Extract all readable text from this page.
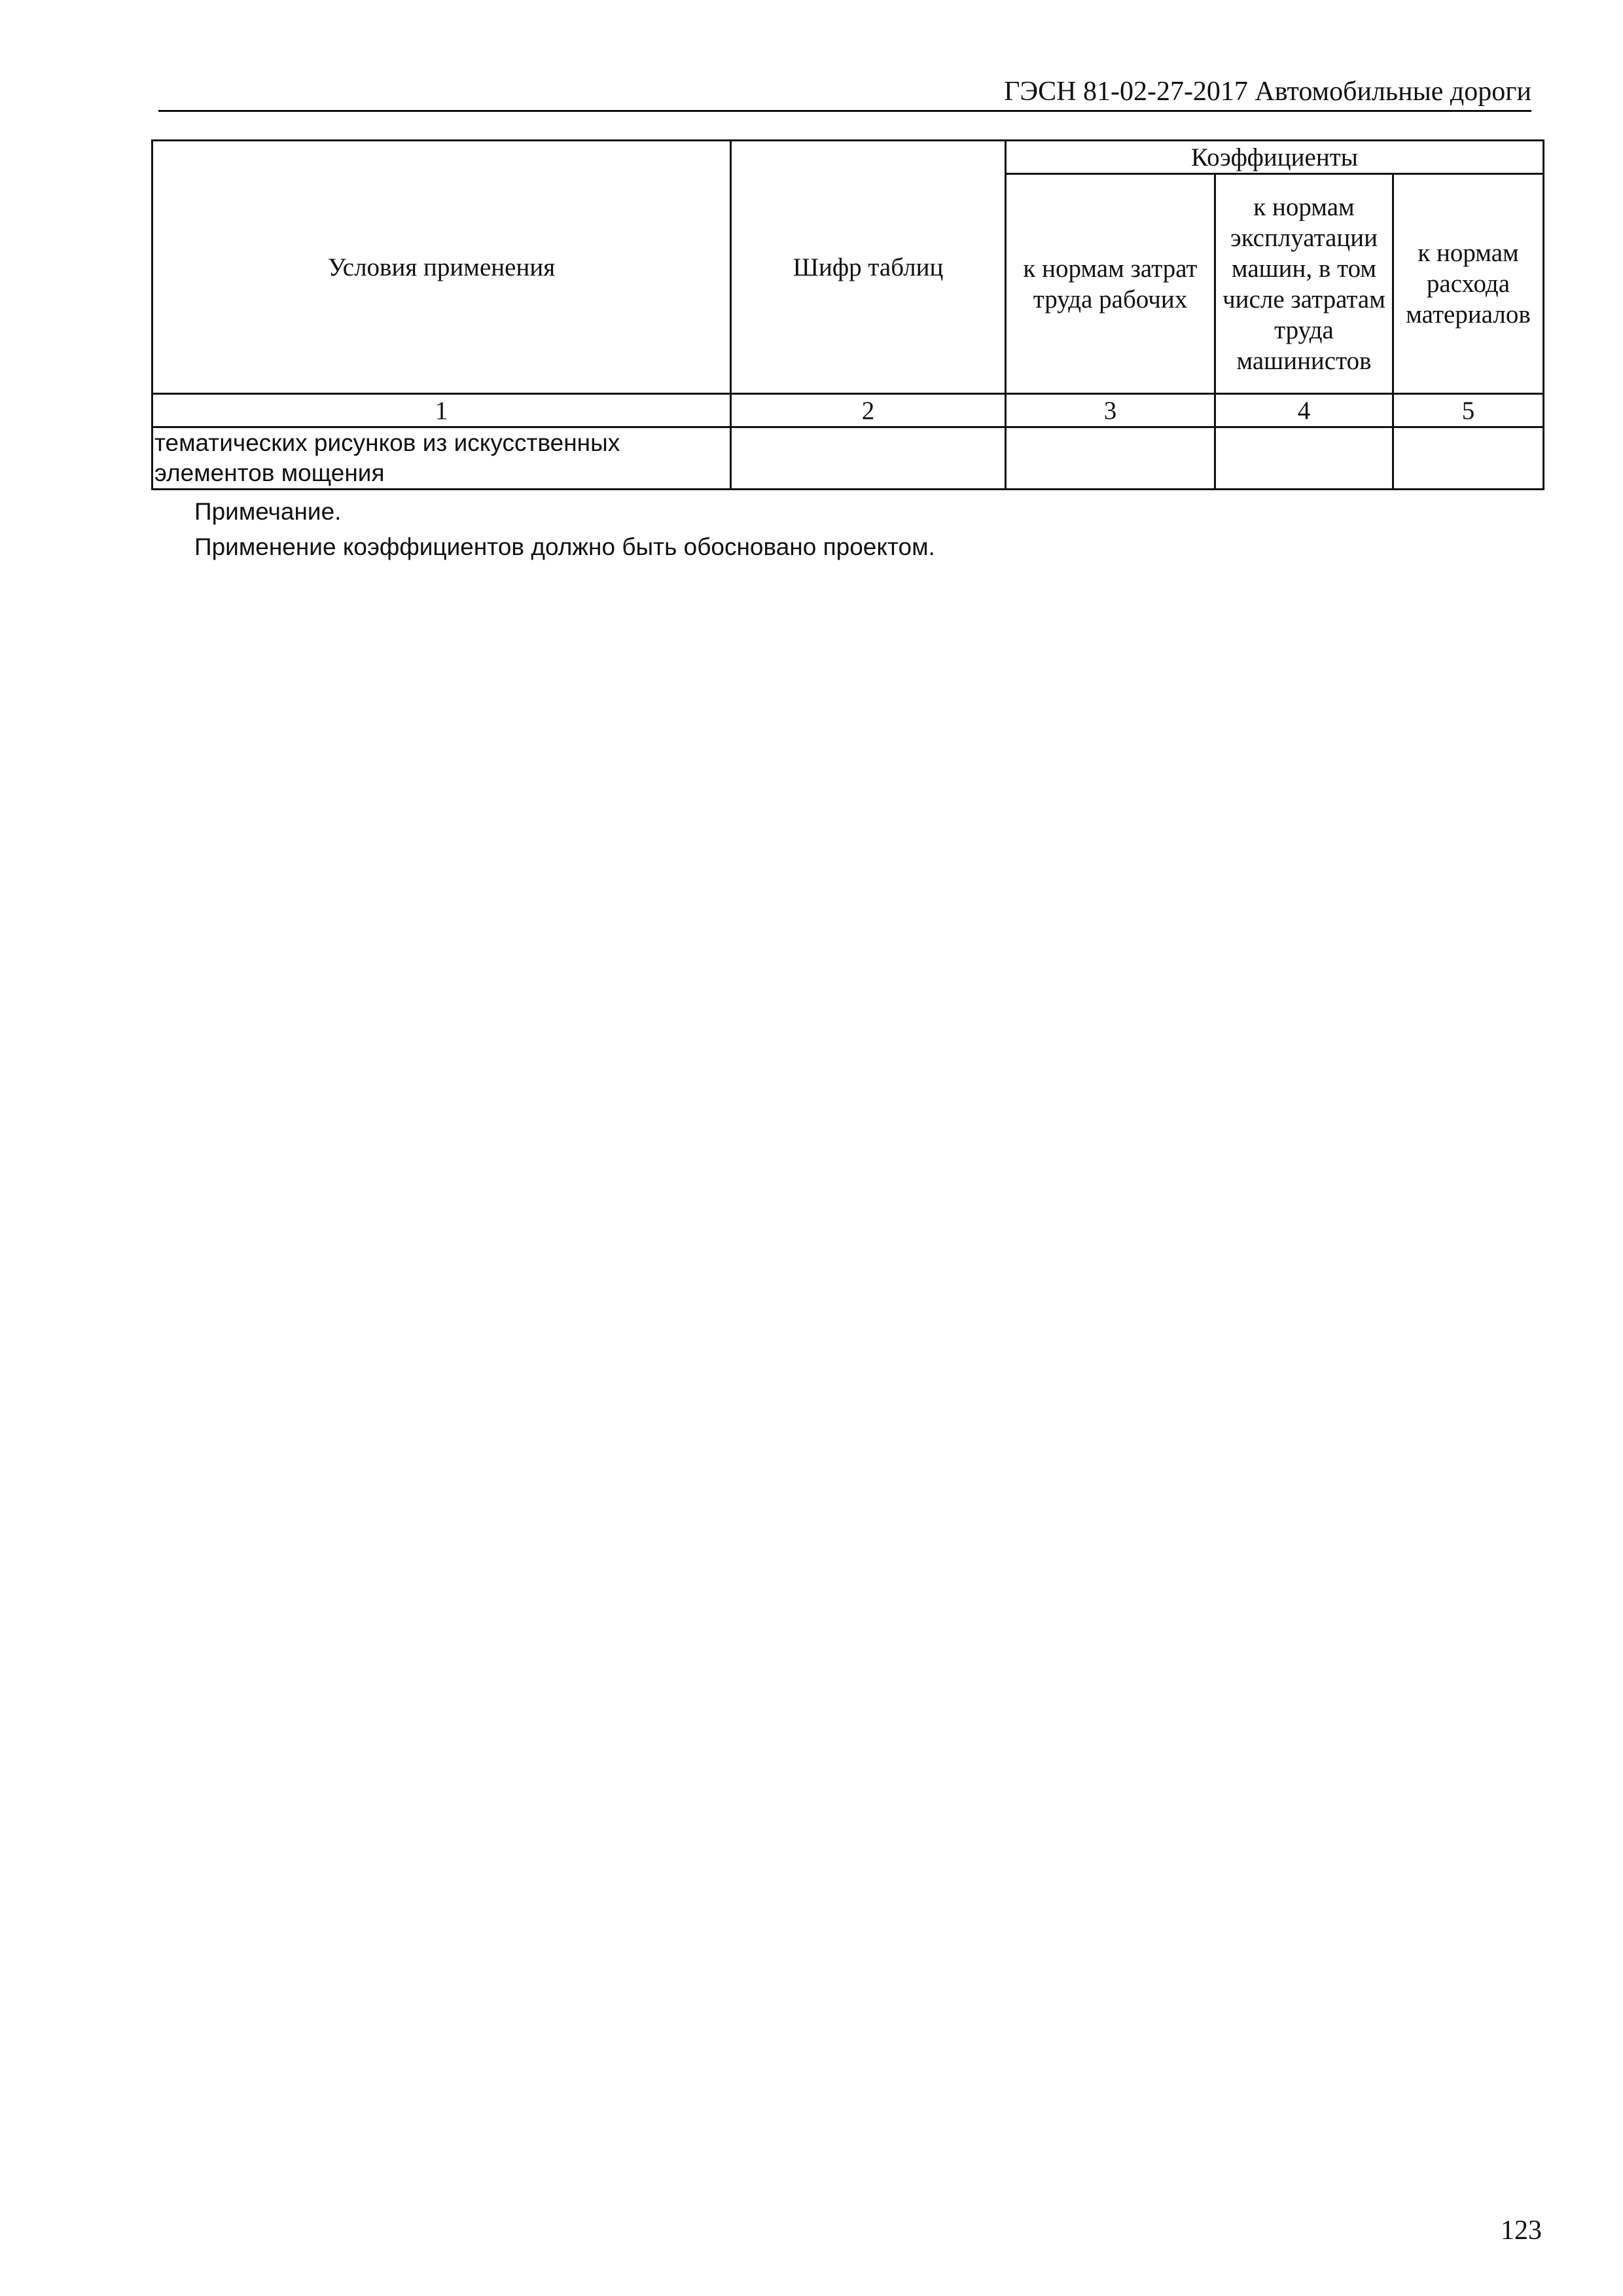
ГЭСН 81-02-27-2017 Автомобильные дороги
Условия применения	Шифр таблиц	Коэффициенты		
		к нормам затрат труда рабочих	к нормам эксплуатации машин, в том числе затратам труда машинистов	к нормам расхода материалов
1	2	3	4	5
тематических рисунков из искусственных элементов мощения				
Примечание.
Применение коэффициентов должно быть обосновано проектом.
123
